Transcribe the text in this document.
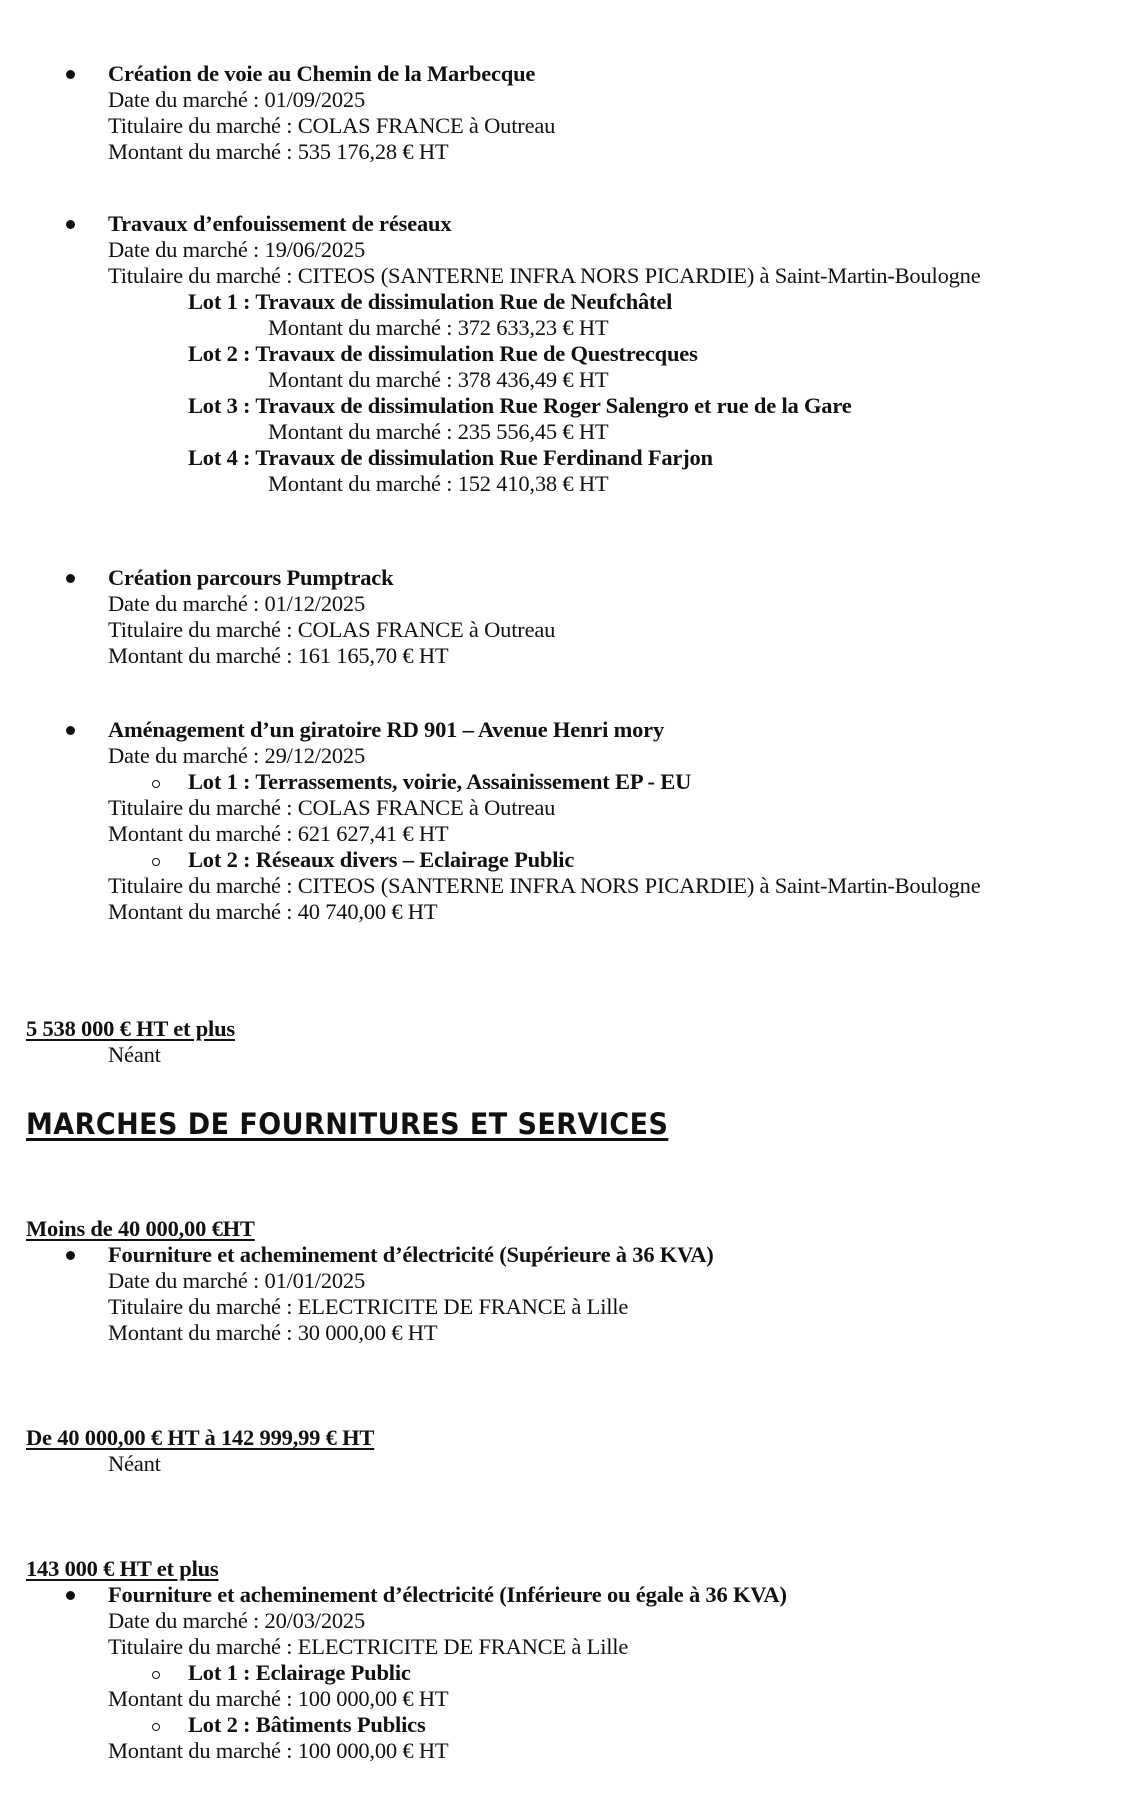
Création de voie au Chemin de la Marbecque
Date du marché : 01/09/2025
Titulaire du marché : COLAS FRANCE à Outreau
Montant du marché : 535 176,28 € HT
Travaux d’enfouissement de réseaux
Date du marché : 19/06/2025
Titulaire du marché : CITEOS (SANTERNE INFRA NORS PICARDIE) à Saint-Martin-Boulogne
Lot 1 : Travaux de dissimulation Rue de Neufchâtel
Montant du marché : 372 633,23 € HT
Lot 2 : Travaux de dissimulation Rue de Questrecques
Montant du marché : 378 436,49 € HT
Lot 3 : Travaux de dissimulation Rue Roger Salengro et rue de la Gare
Montant du marché : 235 556,45 € HT
Lot 4 : Travaux de dissimulation Rue Ferdinand Farjon
Montant du marché : 152 410,38 € HT
Création parcours Pumptrack
Date du marché : 01/12/2025
Titulaire du marché : COLAS FRANCE à Outreau
Montant du marché : 161 165,70 € HT
Aménagement d’un giratoire RD 901 – Avenue Henri mory
Date du marché : 29/12/2025
Lot 1 : Terrassements, voirie, Assainissement EP - EU
Titulaire du marché : COLAS FRANCE à Outreau
Montant du marché : 621 627,41 € HT
Lot 2 : Réseaux divers – Eclairage Public
Titulaire du marché : CITEOS (SANTERNE INFRA NORS PICARDIE) à Saint-Martin-Boulogne
Montant du marché : 40 740,00 € HT
5 538 000 € HT et plus
Néant
MARCHES DE FOURNITURES ET SERVICES
Moins de 40 000,00 €HT
Fourniture et acheminement d’électricité (Supérieure à 36 KVA)
Date du marché : 01/01/2025
Titulaire du marché : ELECTRICITE DE FRANCE à Lille
Montant du marché : 30 000,00 € HT
De 40 000,00 € HT à 142 999,99 € HT
Néant
143 000 € HT et plus
Fourniture et acheminement d’électricité (Inférieure ou égale à 36 KVA)
Date du marché : 20/03/2025
Titulaire du marché : ELECTRICITE DE FRANCE à Lille
Lot 1 : Eclairage Public
Montant du marché : 100 000,00 € HT
Lot 2 : Bâtiments Publics
Montant du marché : 100 000,00 € HT
